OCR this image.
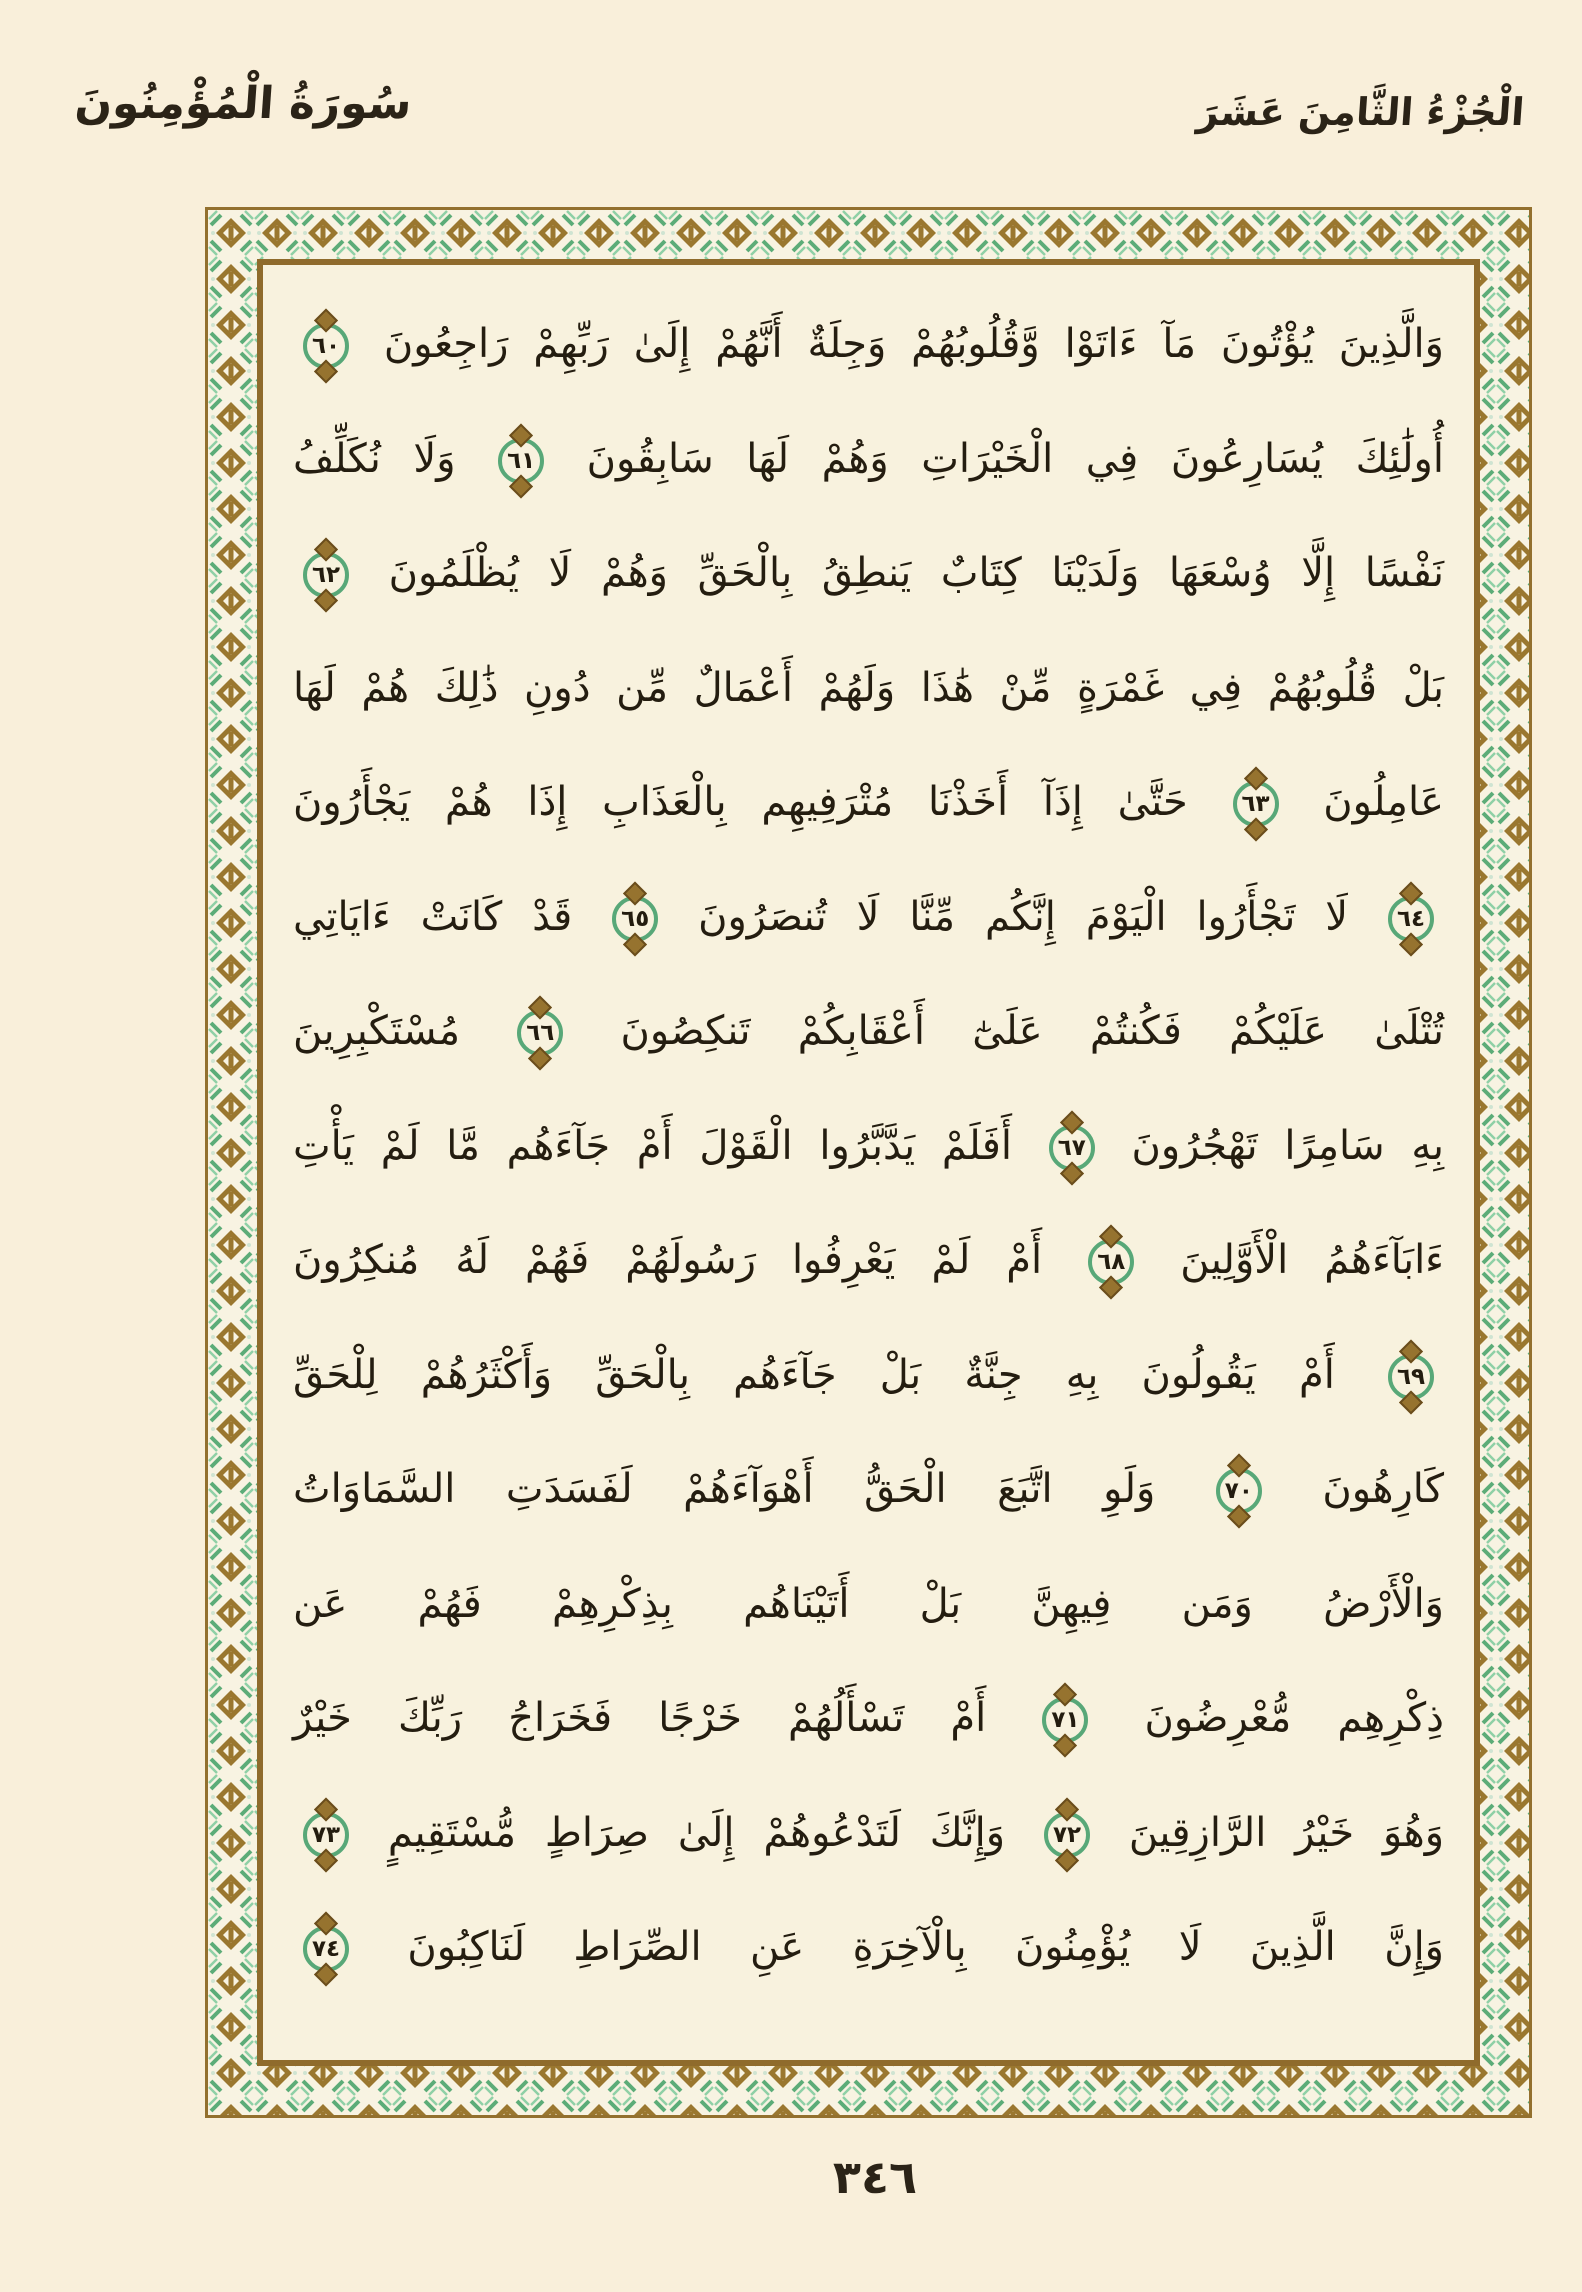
سُورَةُ الْمُؤْمِنُونَ	الْجُزْءُ الثَّامِنَ عَشَرَ
وَالَّذِينَ يُؤْتُونَ مَآ ءَاتَوْا وَّقُلُوبُهُمْ وَجِلَةٌ أَنَّهُمْ إِلَىٰ رَبِّهِمْ رَاجِعُونَ ٦٠
أُولَٰئِكَ يُسَارِعُونَ فِي الْخَيْرَاتِ وَهُمْ لَهَا سَابِقُونَ ٦١ وَلَا نُكَلِّفُ
نَفْسًا إِلَّا وُسْعَهَا وَلَدَيْنَا كِتَابٌ يَنطِقُ بِالْحَقِّ وَهُمْ لَا يُظْلَمُونَ ٦٢
بَلْ قُلُوبُهُمْ فِي غَمْرَةٍ مِّنْ هَٰذَا وَلَهُمْ أَعْمَالٌ مِّن دُونِ ذَٰلِكَ هُمْ لَهَا
عَامِلُونَ ٦٣ حَتَّىٰ إِذَآ أَخَذْنَا مُتْرَفِيهِم بِالْعَذَابِ إِذَا هُمْ يَجْأَرُونَ
٦٤ لَا تَجْأَرُوا الْيَوْمَ إِنَّكُم مِّنَّا لَا تُنصَرُونَ ٦٥ قَدْ كَانَتْ ءَايَاتِي
تُتْلَىٰ عَلَيْكُمْ فَكُنتُمْ عَلَىٰٓ أَعْقَابِكُمْ تَنكِصُونَ ٦٦ مُسْتَكْبِرِينَ
بِهِ سَامِرًا تَهْجُرُونَ ٦٧ أَفَلَمْ يَدَّبَّرُوا الْقَوْلَ أَمْ جَآءَهُم مَّا لَمْ يَأْتِ
ءَابَآءَهُمُ الْأَوَّلِينَ ٦٨ أَمْ لَمْ يَعْرِفُوا رَسُولَهُمْ فَهُمْ لَهُ مُنكِرُونَ
٦٩ أَمْ يَقُولُونَ بِهِ جِنَّةٌ بَلْ جَآءَهُم بِالْحَقِّ وَأَكْثَرُهُمْ لِلْحَقِّ
كَارِهُونَ ٧٠ وَلَوِ اتَّبَعَ الْحَقُّ أَهْوَآءَهُمْ لَفَسَدَتِ السَّمَاوَاتُ
وَالْأَرْضُ وَمَن فِيهِنَّ بَلْ أَتَيْنَاهُم بِذِكْرِهِمْ فَهُمْ عَن
ذِكْرِهِم مُّعْرِضُونَ ٧١ أَمْ تَسْأَلُهُمْ خَرْجًا فَخَرَاجُ رَبِّكَ خَيْرٌ
وَهُوَ خَيْرُ الرَّازِقِينَ ٧٢ وَإِنَّكَ لَتَدْعُوهُمْ إِلَىٰ صِرَاطٍ مُّسْتَقِيمٍ ٧٣
وَإِنَّ الَّذِينَ لَا يُؤْمِنُونَ بِالْآخِرَةِ عَنِ الصِّرَاطِ لَنَاكِبُونَ ٧٤
٣٤٦
